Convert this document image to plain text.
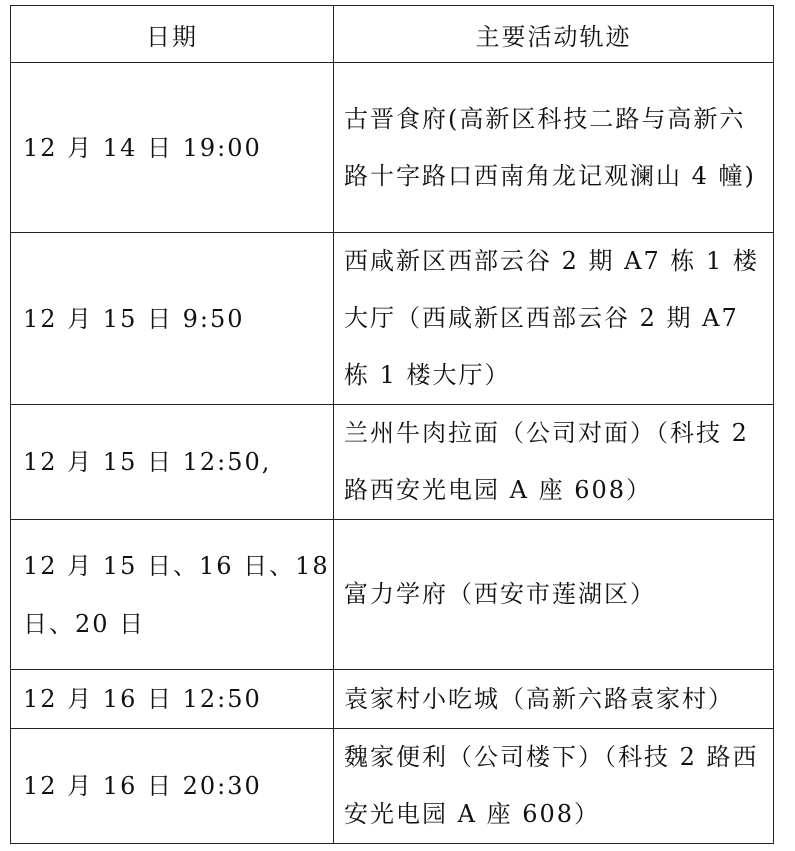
日期	主要活动轨迹
12 月 14 日 19:00	古晋食府(高新区科技二路与高新六路十字路口西南角龙记观澜山 4 幢)
12 月 15 日 9:50	西咸新区西部云谷 2 期 A7 栋 1 楼大厅（西咸新区西部云谷 2 期 A7 栋 1 楼大厅）
12 月 15 日 12:50,	兰州牛肉拉面（公司对面）（科技 2 路西安光电园 A 座 608）
12 月 15 日、16 日、18 日、20 日	富力学府（西安市莲湖区）
12 月 16 日 12:50	袁家村小吃城（高新六路袁家村）
12 月 16 日 20:30	魏家便利（公司楼下）（科技 2 路西安光电园 A 座 608）
